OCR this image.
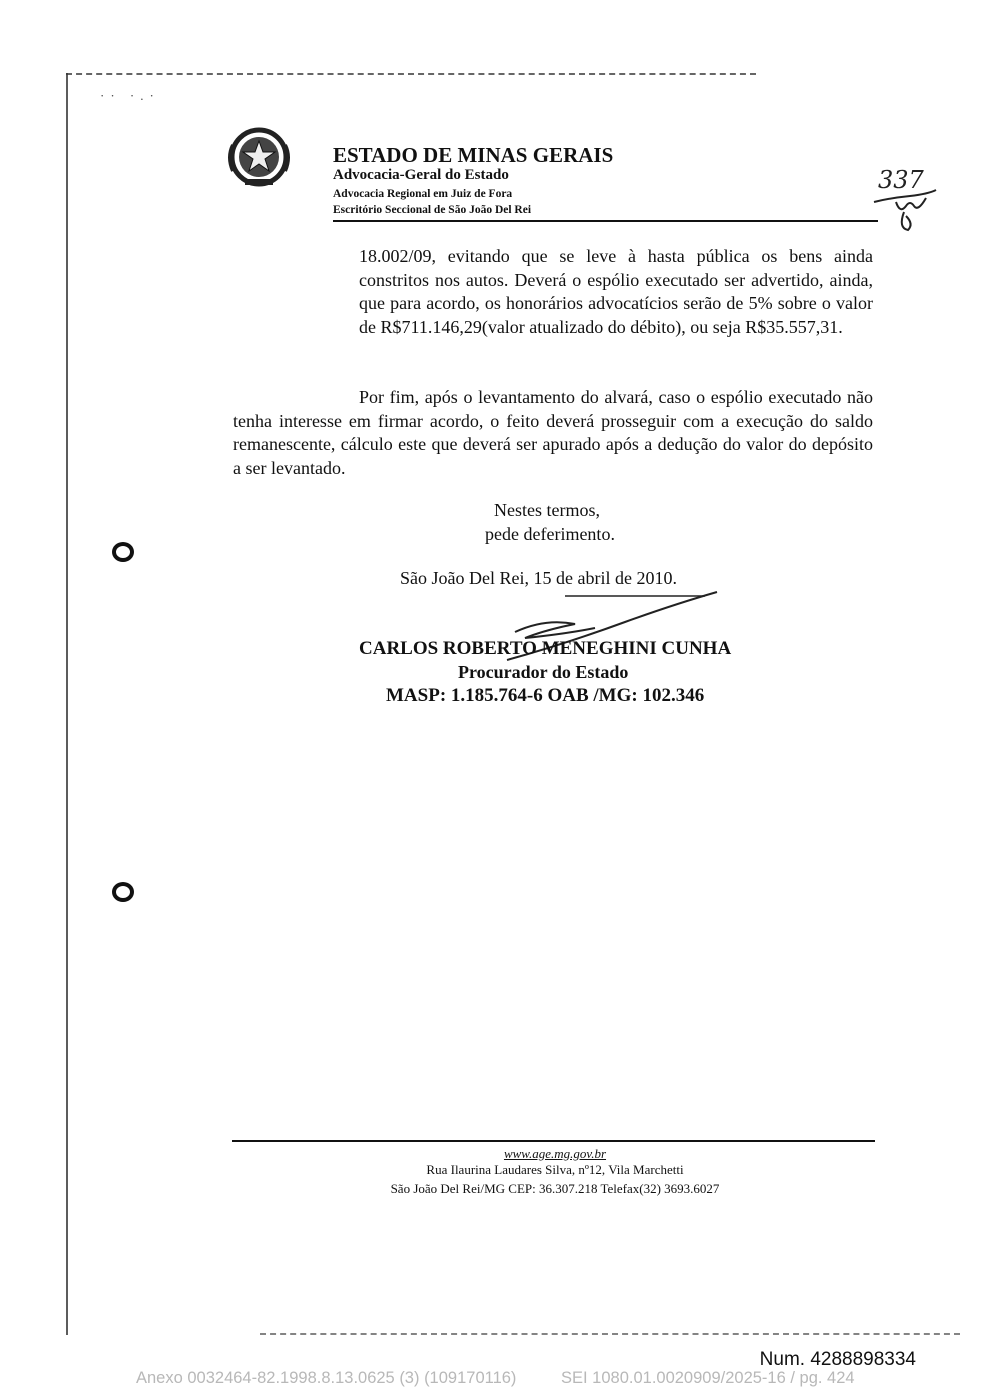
·· ·.·
ESTADO DE MINAS GERAIS
Advocacia-Geral do Estado
Advocacia Regional em Juiz de Fora
Escritório Seccional de São João Del Rei
337
18.002/09, evitando que se leve à hasta pública os bens ainda constritos nos autos. Deverá o espólio executado ser advertido, ainda, que para acordo, os honorários advocatícios serão de 5% sobre o valor de R$711.146,29(valor atualizado do débito), ou seja R$35.557,31.
Por fim, após o levantamento do alvará, caso o espólio executado não tenha interesse em firmar acordo, o feito deverá prosseguir com a execução do saldo remanescente, cálculo este que deverá ser apurado após a dedução do valor do depósito a ser levantado.
Nestes termos,
pede deferimento.
São João Del Rei, 15 de abril de 2010.
CARLOS ROBERTO MENEGHINI CUNHA
Procurador do Estado
MASP: 1.185.764-6 OAB /MG: 102.346
www.age.mg.gov.br
Rua Ilaurina Laudares Silva, nº12, Vila Marchetti
São João Del Rei/MG CEP: 36.307.218 Telefax(32) 3693.6027
Num. 4288898334
Anexo 0032464-82.1998.8.13.0625 (3) (109170116)	SEI 1080.01.0020909/2025-16 / pg. 424
